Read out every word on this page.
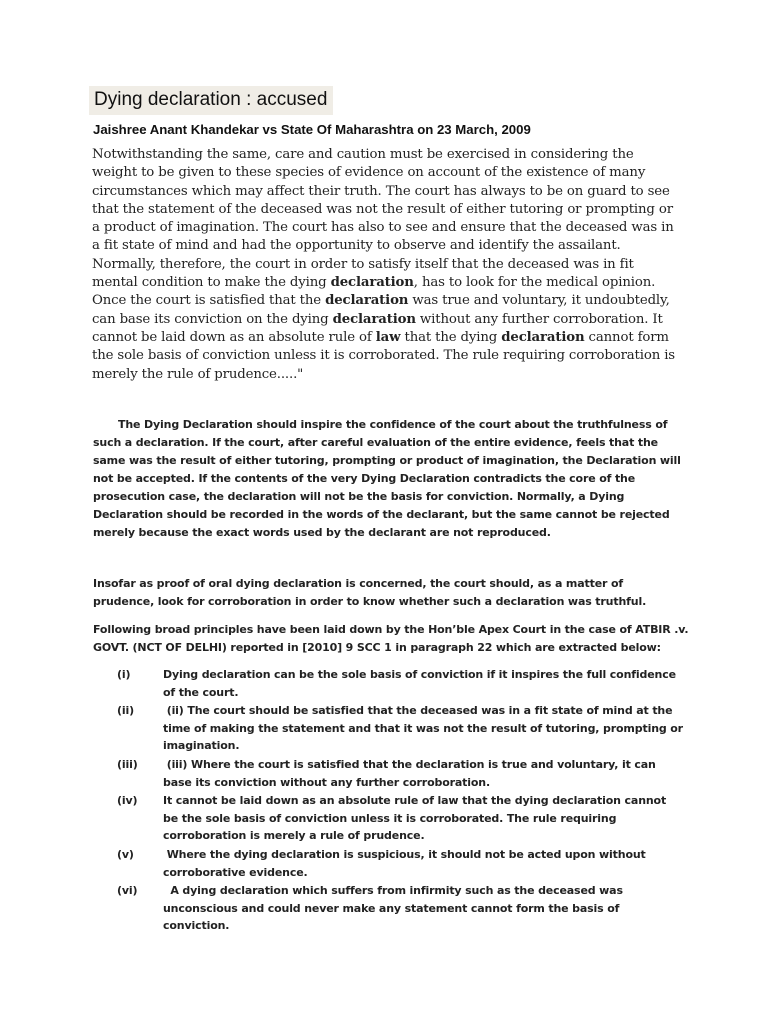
Dying declaration : accused
Jaishree Anant Khandekar vs State Of Maharashtra on 23 March, 2009
Notwithstanding the same, care and caution must be exercised in considering the weight to be given to these species of evidence on account of the existence of many circumstances which may affect their truth. The court has always to be on guard to see that the statement of the deceased was not the result of either tutoring or prompting or a product of imagination. The court has also to see and ensure that the deceased was in a fit state of mind and had the opportunity to observe and identify the assailant. Normally, therefore, the court in order to satisfy itself that the deceased was in fit mental condition to make the dying declaration, has to look for the medical opinion. Once the court is satisfied that the declaration was true and voluntary, it undoubtedly, can base its conviction on the dying declaration without any further corroboration. It cannot be laid down as an absolute rule of law that the dying declaration cannot form the sole basis of conviction unless it is corroborated. The rule requiring corroboration is merely the rule of prudence....."
The Dying Declaration should inspire the confidence of the court about the truthfulness of such a declaration. If the court, after careful evaluation of the entire evidence, feels that the same was the result of either tutoring, prompting or product of imagination, the Declaration will not be accepted. If the contents of the very Dying Declaration contradicts the core of the prosecution case, the declaration will not be the basis for conviction. Normally, a Dying Declaration should be recorded in the words of the declarant, but the same cannot be rejected merely because the exact words used by the declarant are not reproduced.
Insofar as proof of oral dying declaration is concerned, the court should, as a matter of prudence, look for corroboration in order to know whether such a declaration was truthful.
Following broad principles have been laid down by the Hon’ble Apex Court in the case of ATBIR .v. GOVT. (NCT OF DELHI) reported in [2010] 9 SCC 1 in paragraph 22 which are extracted below:
(i)	Dying declaration can be the sole basis of conviction if it inspires the full confidence of the court.
(ii)	(ii) The court should be satisfied that the deceased was in a fit state of mind at the time of making the statement and that it was not the result of tutoring, prompting or imagination.
(iii)	(iii) Where the court is satisfied that the declaration is true and voluntary, it can base its conviction without any further corroboration.
(iv)	It cannot be laid down as an absolute rule of law that the dying declaration cannot be the sole basis of conviction unless it is corroborated. The rule requiring corroboration is merely a rule of prudence.
(v)	Where the dying declaration is suspicious, it should not be acted upon without corroborative evidence.
(vi)	A dying declaration which suffers from infirmity such as the deceased was unconscious and could never make any statement cannot form the basis of conviction.
